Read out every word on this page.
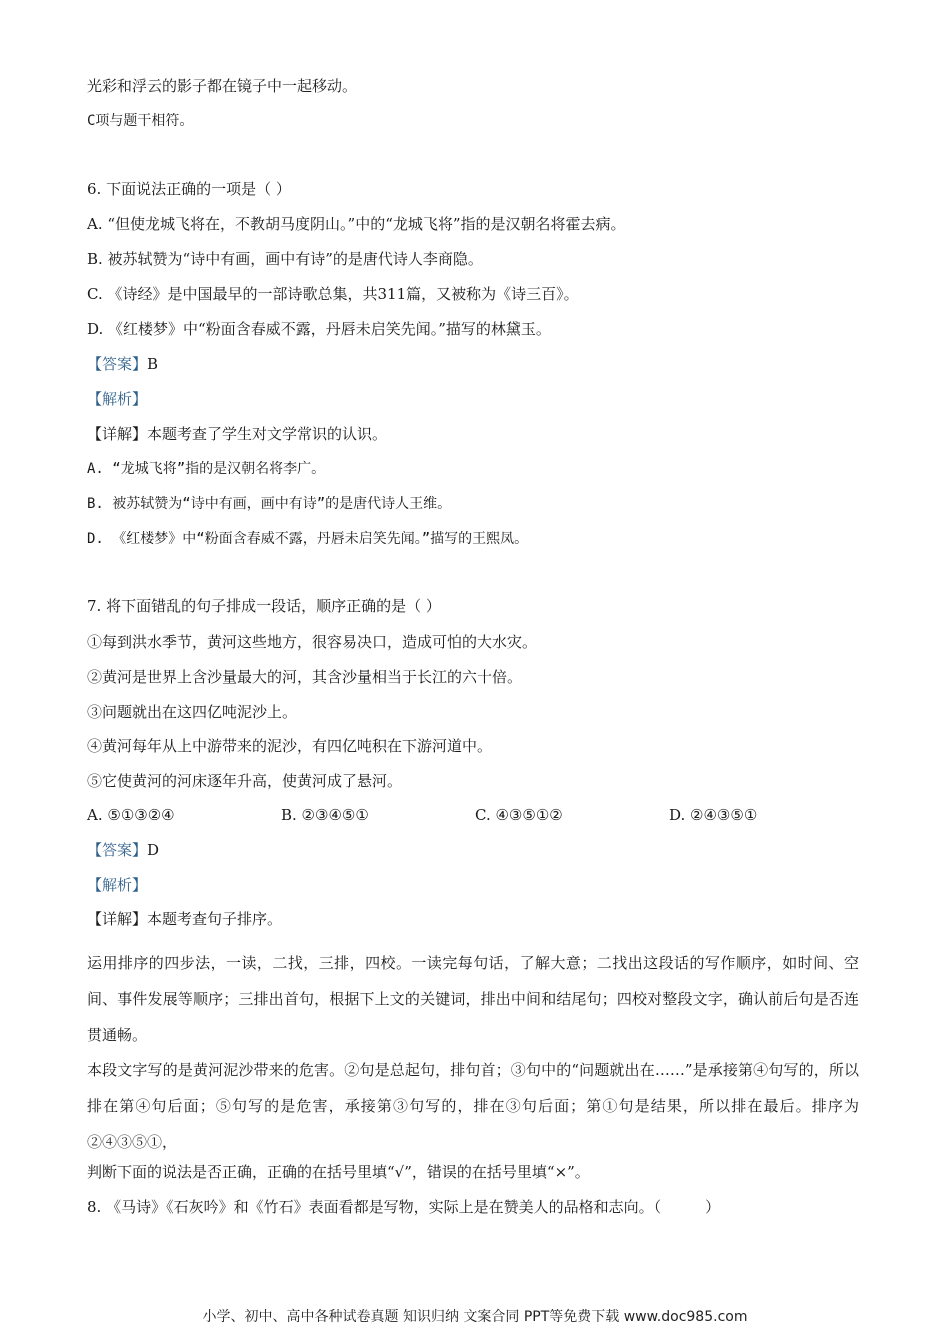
光彩和浮云的影子都在镜子中一起移动。

C项与题干相符。

6. 下面说法正确的一项是（ ）

A. “但使龙城飞将在，不教胡马度阴山。”中的“龙城飞将”指的是汉朝名将霍去病。

B. 被苏轼赞为“诗中有画，画中有诗”的是唐代诗人李商隐。

C. 《诗经》是中国最早的一部诗歌总集，共311篇，又被称为《诗三百》。

D. 《红楼梦》中“粉面含春威不露，丹唇未启笑先闻。”描写的林黛玉。

【答案】B

【解析】

【详解】本题考查了学生对文学常识的认识。

A. “龙城飞将”指的是汉朝名将李广。

B. 被苏轼赞为“诗中有画，画中有诗”的是唐代诗人王维。

D. 《红楼梦》中“粉面含春威不露，丹唇未启笑先闻。”描写的王熙凤。

7. 将下面错乱的句子排成一段话，顺序正确的是（ ）

①每到洪水季节，黄河这些地方，很容易决口，造成可怕的大水灾。

②黄河是世界上含沙量最大的河，其含沙量相当于长江的六十倍。

③问题就出在这四亿吨泥沙上。

④黄河每年从上中游带来的泥沙，有四亿吨积在下游河道中。

⑤它使黄河的河床逐年升高，使黄河成了悬河。

A. ⑤①③②④	B. ②③④⑤①	C. ④③⑤①②	D. ②④③⑤①

【答案】D

【解析】

【详解】本题考查句子排序。

运用排序的四步法，一读，二找，三排，四校。一读完每句话，了解大意；二找出这段话的写作顺序，如时间、空间、事件发展等顺序；三排出首句，根据下上文的关键词，排出中间和结尾句；四校对整段文字，确认前后句是否连贯通畅。

本段文字写的是黄河泥沙带来的危害。②句是总起句，排句首；③句中的“问题就出在……”是承接第④句写的，所以排在第④句后面；⑤句写的是危害，承接第③句写的，排在③句后面；第①句是结果，所以排在最后。排序为②④③⑤①，

判断下面的说法是否正确，正确的在括号里填“√”，错误的在括号里填“×”。

8. 《马诗》《石灰吟》和《竹石》表面看都是写物，实际上是在赞美人的品格和志向。（	）

小学、初中、高中各种试卷真题 知识归纳 文案合同 PPT等免费下载 www.doc985.com
